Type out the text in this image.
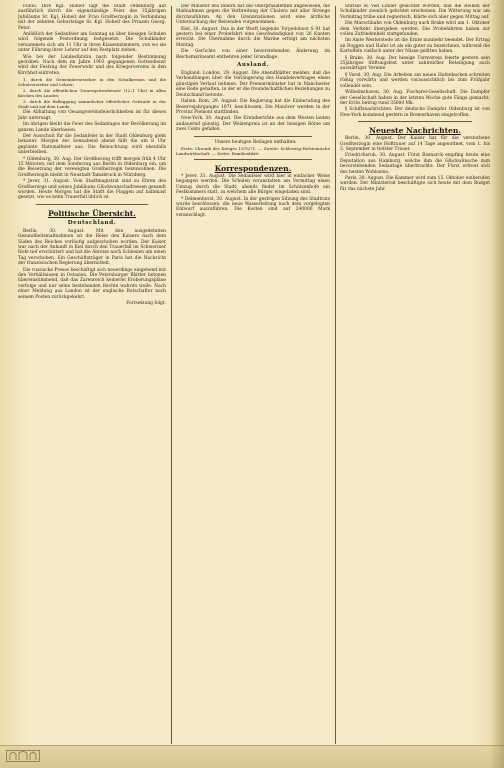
Fulda. Ihre Kgl. Hoheit lagt die Stadt Oldenburg auf ausführlich durch die eigenständige Feier des 35jährigen Jubiläums Sr. Kgl. Hoheit der Frau Großherzogin in Verbindung mit der zehnten Geburtstage Sr. Kgl. Hoheit des Prinzen Georg. Peter.

Anläßlich der Sedanfeier am Sonntag an über hiesigen Schulen wird folgende Festordnung festgesetzt: Die Schulkinder versammeln sich um 11 Uhr in ihren Klassenzimmern, von wo sie unter Führung ihrer Lehrer auf den Festplatz ziehen.

Wie bei der Landesfürstin nach folgender Bestimmung geordnet: Nach dem im Jahre 1903 gegangenen Gottesdienst wird der Festzug der Feuerwehr und des Kriegervereins in den Kirchhof eintreten.

1. durch die Gemeindevorsteher in den Schulkreisen und die Schulvorsteher und Lehrer;

2. durch die öffentlichen Trauergottesdienste (12–1 Uhr) in allen Kirchen des Landes;

3. durch die Beflaggung sämmtlicher öffentlicher Gebäude in der Stadt und auf dem Lande.

Die Abhaltung von Gesangvereinsfeierlichkeiten ist für dieses Jahr untersagt.

Im übrigen bleibt die Feier des Sedantages der Bevölkerung im ganzen Lande überlassen.

Der Ausschuß für die Sedanfeier in der Stadt Oldenburg giebt bekannt: Morgen der Sonnabend abend fällt die um 8 Uhr geplante Nationalfeier aus. Die Beleuchtung wird ebenfalls unterbleiben.

* Oldenburg, 30. Aug. Der Großherzog trifft morgen früh 4 Uhr 15 Minuten, mit dem Sonderzug aus Berlin in Oldenburg ein, um die Beisetzung der verewigten Großherzogin beizuwohnen. Die Großherzogin bleibt in Neustadt-Tamsbruck in Nürnberg.

* Jever, 31. August. Vom Stadtmagistrat sind zu Ehren des Großherzogs und seines Jubiläums Glückwunschadressen gesandt worden. Heute Morgen hat die Stadt die Flaggen auf halbmast gesetzt, wie es beim Trauerfall üblich ist.

Politische Übersicht.
Deutschland.

Berlin, 30. August. Mit den ausgedehnten Gesundheitsmaßnahmen ist die Reise des Kaisers nach dem Süden des Reiches vorläufig aufgeschoben worden. Der Kaiser war nach der Ankunft in Kiel durch den Trauerfall im Schweriner Hofe tief erschüttert und hat die Abreise nach Schlesien um einen Tag verschoben. Ein Geschäftsträger in Paris hat die Nachricht der französischen Regierung übermittelt.

Die russische Presse beschäftigt sich neuerdings eingehend mit den Verhältnissen in Ostasien. Die Petersburger Blätter betonen übereinstimmend, daß das Zarenreich keinerlei Eroberungspläne verfolge und nur seine bestehenden Rechte wahren wolle. Nach einer Meldung aus London ist der englische Botschafter nach seinem Posten zurückgekehrt.

Fortsetzung folgt.

Der Minister des Innern hat die Oberpräsidenten angewiesen, die Maßnahmen gegen die Verbreitung der Cholera mit aller Strenge durchzuführen. An den Grenzstationen wird eine ärztliche Untersuchung der Reisenden vorgenommen.

Kiel, 30. August. Das in der Werft liegende Torpedoboot S 91 hat gestern bei einer Probefahrt eine Geschwindigkeit von 26 Knoten erreicht. Die Übernahme durch die Marine erfolgt am nächsten Montag.

Die Gerüchte von einer bevorstehenden Änderung im Reichsmarineamt entbehren jeder Grundlage.

Ausland.

England. London, 29. August. Die Abendblätter melden, daß die Verhandlungen über die Verlängerung des Handelsvertrages einen günstigen Verlauf nehmen. Der Premierminister hat in Manchester eine Rede gehalten, in der er die freundschaftlichen Beziehungen zu Deutschland betonte.

Italien. Rom, 29. August. Die Regierung hat die Einberufung des Reservejahrganges 1871 beschlossen. Die Manöver werden in der Provinz Piemont stattfinden.

New-York, 30. August. Die Ernteberichte aus dem Westen lauten andauernd günstig. Der Weizenpreis ist an der hiesigen Börse um zwei Cents gefallen.

Unsere heutigen Beilagen enthalten:

Erste: Chronik des Krieges 1870/71. — Zweite: Schleswig-Holsteinische Landwirthschaft. — Dritte: Familienblatt.

Korrespondenzen.

* Jever, 31. August. Die Sedanfeier wird hier in einfacher Weise begangen werden. Die Schulen veranstalten am Vormittag einen Umzug durch die Stadt; abends findet im Schützenhofe ein Festkommers statt, zu welchem alle Bürger eingeladen sind.

* Delmenhorst, 30. August. In der gestrigen Sitzung des Stadtrats wurde beschlossen, die neue Wasserleitung nach dem vorgelegten Entwurf auszuführen. Die Kosten sind auf 240000 Mark veranschlagt.

Stiftsel so viel Linder gesichtet worden, daß die Reihen der Schulkinder ziemlich gelichtet erscheinen. Die Witterung war am Vormittag trübe und regnerisch, klärte sich aber gegen Mittag auf.

Die Marschbahn von Oldenburg nach Brake wird am 1. Oktober dem Verkehr übergeben werden. Die Probefahrten haben zur vollen Zufriedenheit stattgefunden.

Im Amte Westerstede ist die Ernte nunmehr beendet. Der Ertrag an Roggen und Hafer ist als ein guter zu bezeichnen, während die Kartoffeln vielfach unter der Nässe gelitten haben.

§ Brake, 30. Aug. Der hiesige Turnverein feierte gestern sein 25jähriges Stiftungsfest unter zahlreicher Beteiligung auch auswärtiger Vereine.

§ Varel, 30. Aug. Die Arbeiten am neuen Hafenbecken schreiten rüstig vorwärts und werden voraussichtlich bis zum Frühjahr vollendet sein.

Wilhelmshaven, 30. Aug. Fischerei-Gesellschaft. Die Dampfer der Gesellschaft haben in der letzten Woche gute Fänge gemacht; der Erlös betrug rund 35000 Mk.

§ Schiffsnachrichten. Der deutsche Dampfer Oldenburg ist von New-York kommend gestern in Bremerhaven eingetroffen.

Neueste Nachrichten.

Berlin, 30. August. Der Kaiser hat für die verstorbene Großherzogin eine Hoftrauer auf 14 Tage angeordnet, vom 1. bis 3. September in tiefster Trauer.

Friedrichsruh, 30. August. Fürst Bismarck empfing heute eine Deputation aus Hamburg, welche ihm die Glückwünsche zum bevorstehenden Sedantage überbrachte. Der Fürst erfreut sich des besten Wohlseins.

Paris, 30. August. Die Kammer wird zum 15. Oktober einberufen werden. Der Ministerrat beschäftigte sich heute mit dem Budget für das nächste Jahr.
